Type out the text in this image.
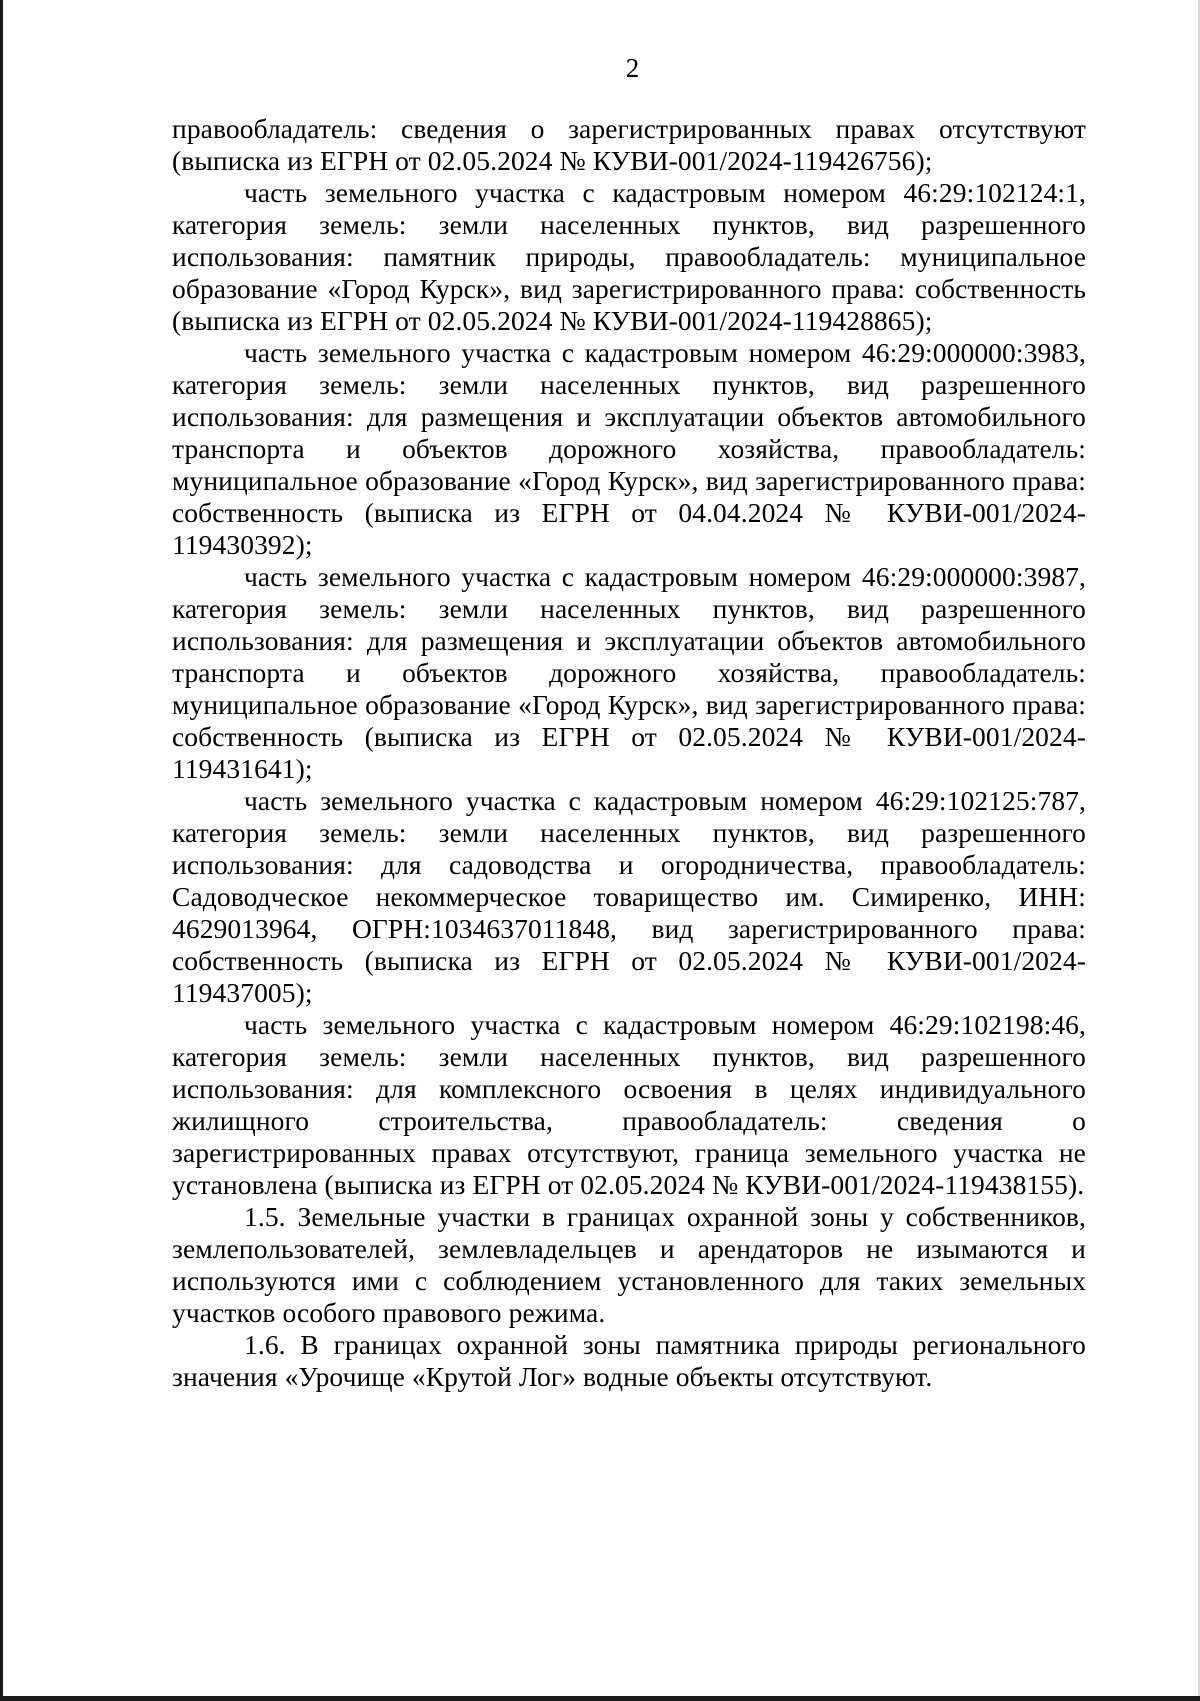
2

правообладатель: сведения о зарегистрированных правах отсутствуют (выписка из ЕГРН от 02.05.2024 № КУВИ-001/2024-119426756);

часть земельного участка с кадастровым номером 46:29:102124:1, категория земель: земли населенных пунктов, вид разрешенного использования: памятник природы, правообладатель: муниципальное образование «Город Курск», вид зарегистрированного права: собственность (выписка из ЕГРН от 02.05.2024 № КУВИ-001/2024-119428865);

часть земельного участка с кадастровым номером 46:29:000000:3983, категория земель: земли населенных пунктов, вид разрешенного использования: для размещения и эксплуатации объектов автомобильного транспорта и объектов дорожного хозяйства, правообладатель: муниципальное образование «Город Курск», вид зарегистрированного права: собственность (выписка из ЕГРН от 04.04.2024 № КУВИ-001/2024-119430392);

часть земельного участка с кадастровым номером 46:29:000000:3987, категория земель: земли населенных пунктов, вид разрешенного использования: для размещения и эксплуатации объектов автомобильного транспорта и объектов дорожного хозяйства, правообладатель: муниципальное образование «Город Курск», вид зарегистрированного права: собственность (выписка из ЕГРН от 02.05.2024 № КУВИ-001/2024-119431641);

часть земельного участка с кадастровым номером 46:29:102125:787, категория земель: земли населенных пунктов, вид разрешенного использования: для садоводства и огородничества, правообладатель: Садоводческое некоммерческое товарищество им. Симиренко, ИНН: 4629013964, ОГРН:1034637011848, вид зарегистрированного права: собственность (выписка из ЕГРН от 02.05.2024 № КУВИ-001/2024-119437005);

часть земельного участка с кадастровым номером 46:29:102198:46, категория земель: земли населенных пунктов, вид разрешенного использования: для комплексного освоения в целях индивидуального жилищного строительства, правообладатель: сведения о зарегистрированных правах отсутствуют, граница земельного участка не установлена (выписка из ЕГРН от 02.05.2024 № КУВИ-001/2024-119438155).

1.5. Земельные участки в границах охранной зоны у собственников, землепользователей, землевладельцев и арендаторов не изымаются и используются ими с соблюдением установленного для таких земельных участков особого правового режима.

1.6. В границах охранной зоны памятника природы регионального значения «Урочище «Крутой Лог» водные объекты отсутствуют.
